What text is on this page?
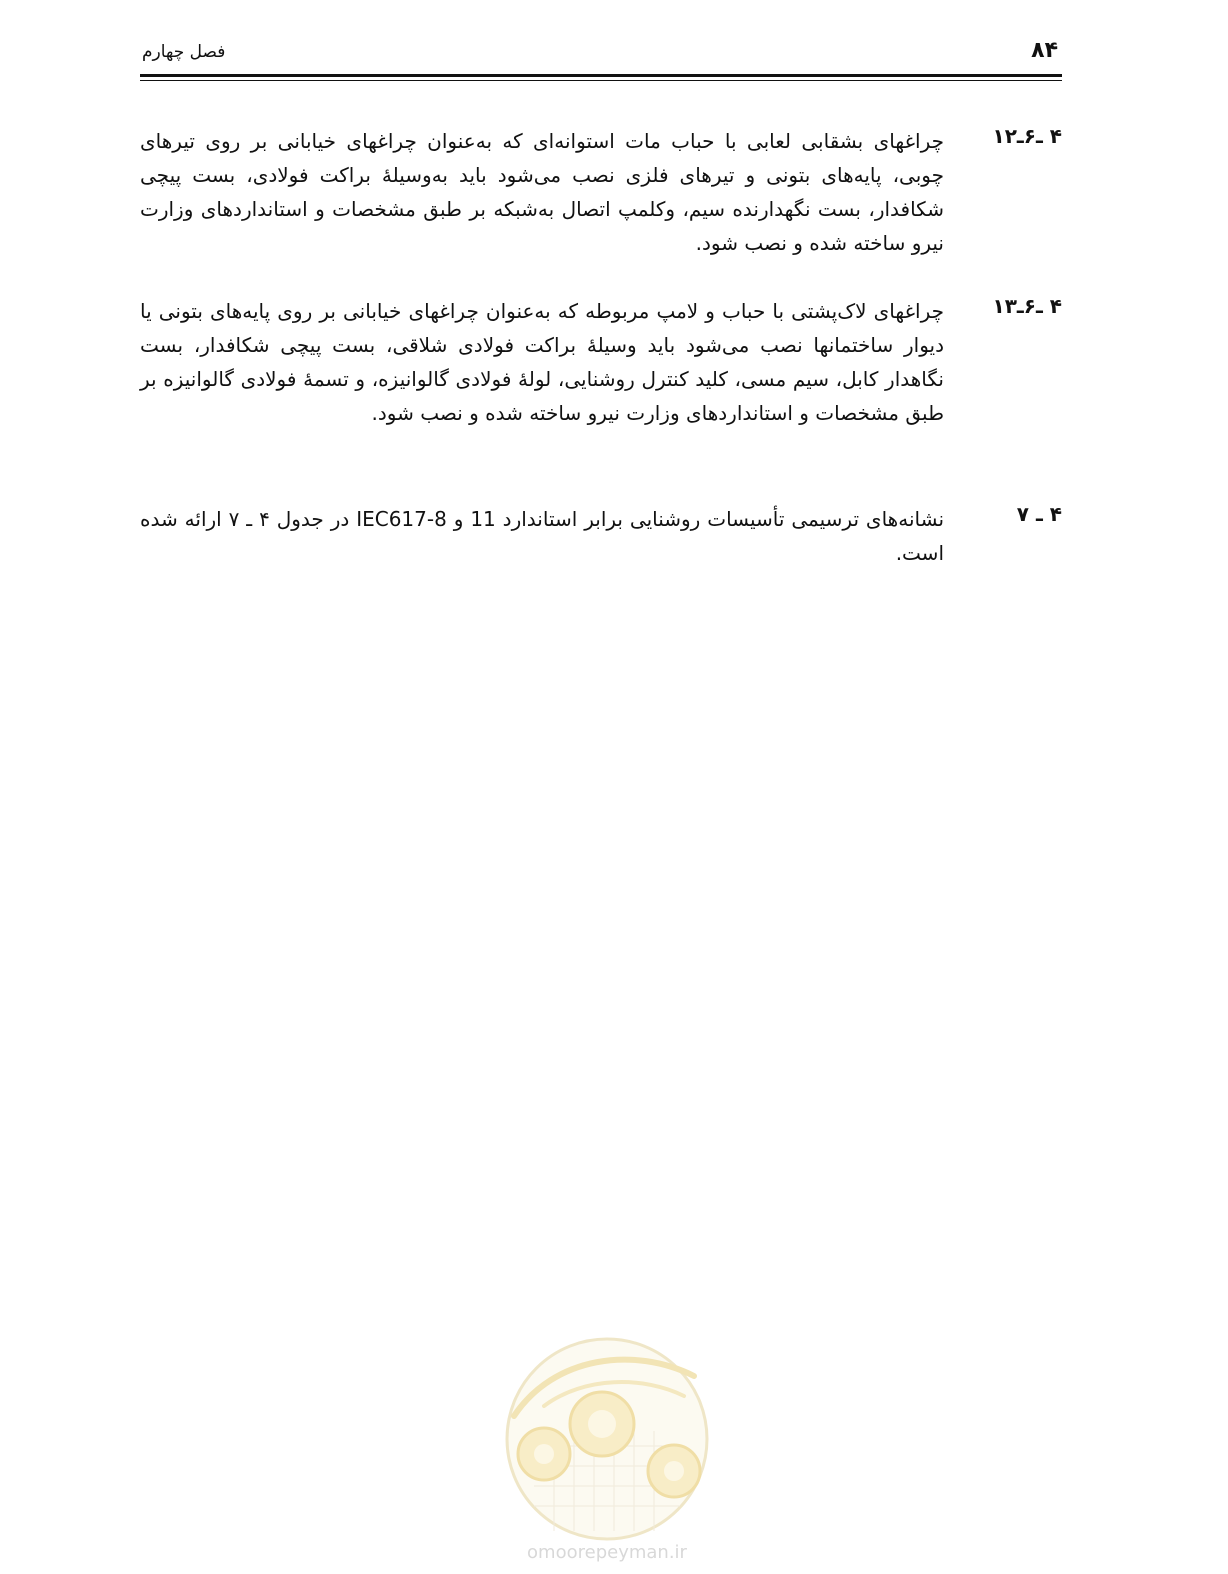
۸۴
فصل چهارم
۴ ـ۶ـ۱۲
چراغهای بشقابی لعابی با حباب مات استوانه‌ای که به‌عنوان چراغهای خیابانی بر روی تیرهای چوبی، پایه‌های بتونی و تیرهای فلزی نصب می‌شود باید به‌وسیلۀ براکت فولادی، بست پیچی شکافدار، بست نگهدارنده سیم، وکلمپ اتصال به‌شبکه بر طبق مشخصات و استانداردهای وزارت نیرو ساخته شده و نصب شود.
۴ ـ۶ـ۱۳
چراغهای لاک‌پشتی با حباب و لامپ مربوطه که به‌عنوان چراغهای خیابانی بر روی پایه‌های بتونی یا دیوار ساختمانها نصب می‌شود باید وسیلۀ براکت فولادی شلاقی، بست پیچی شکافدار، بست نگاهدار کابل، سیم مسی، کلید کنترل روشنایی، لولۀ فولادی گالوانیزه، و تسمۀ فولادی گالوانیزه بر طبق مشخصات و استانداردهای وزارت نیرو ساخته شده و نصب شود.
۴ ـ ۷
نشانه‌های ترسیمی تأسیسات روشنایی برابر استاندارد 11 و IEC617-8 در جدول ۴ ـ ۷ ارائه شده است.
omoorepeyman.ir
